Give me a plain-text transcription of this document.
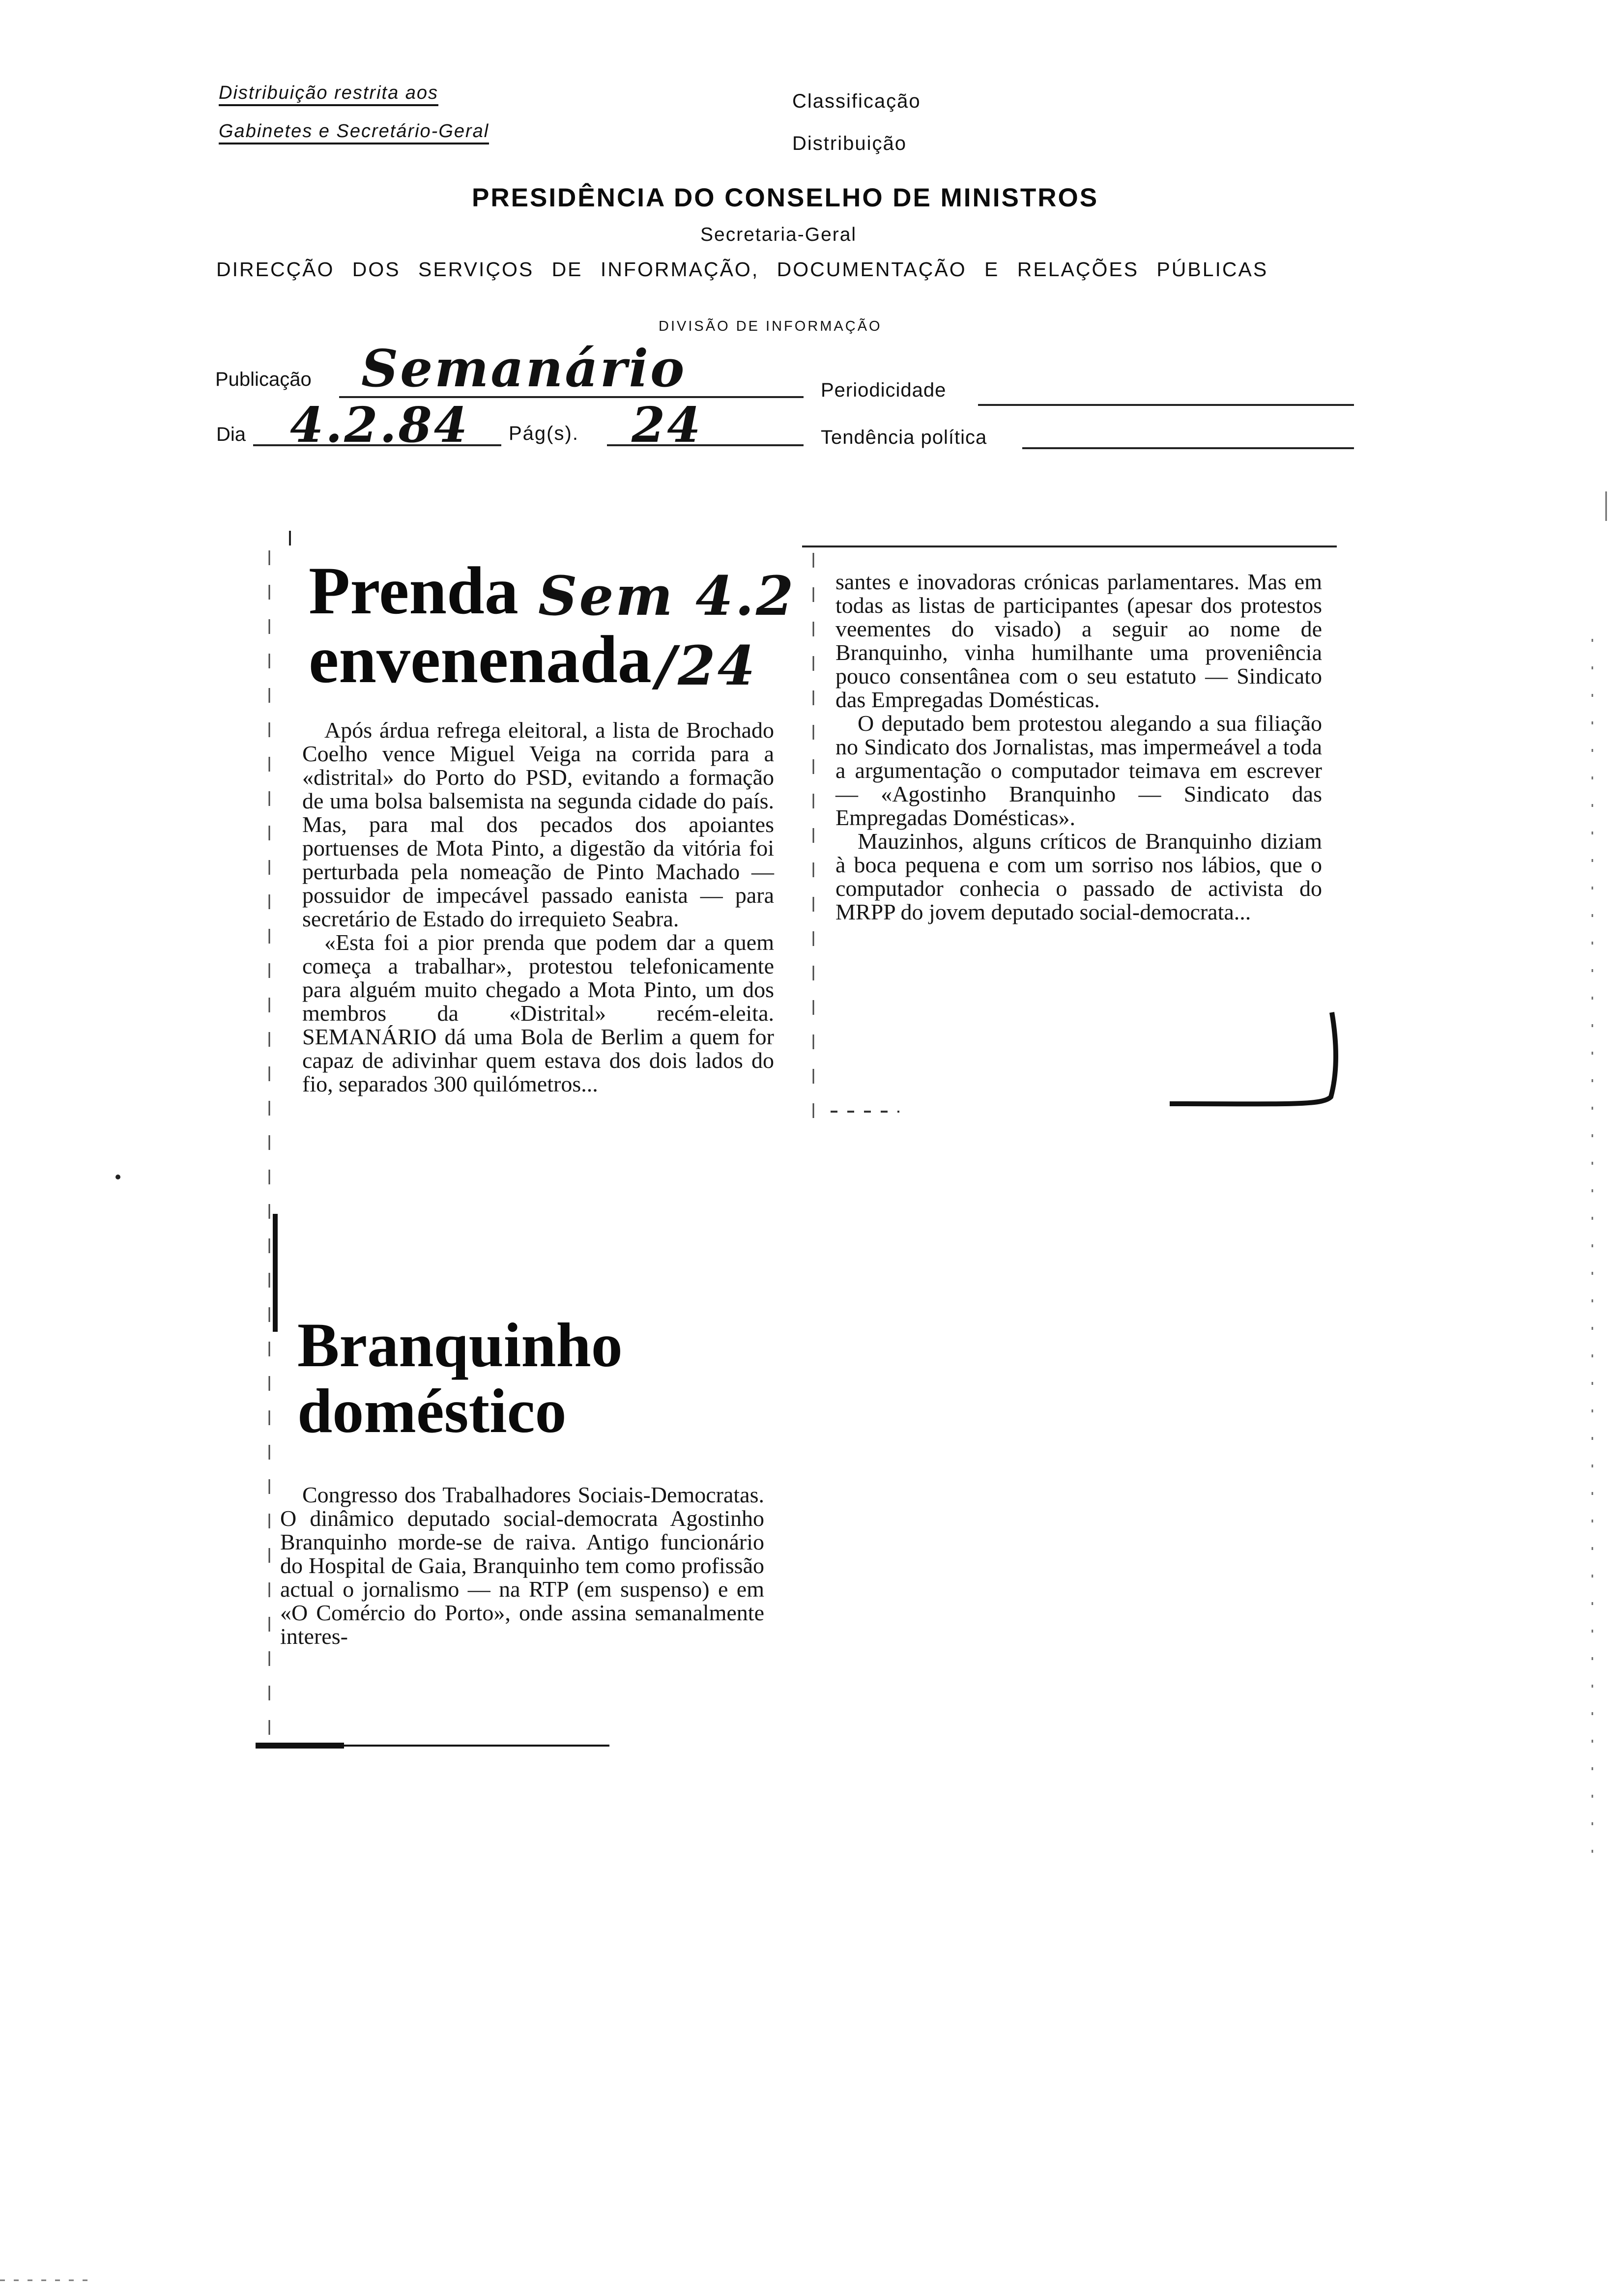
Distribuição restrita aos
Gabinetes e Secretário-Geral
Classificação
Distribuição
PRESIDÊNCIA DO CONSELHO DE MINISTROS
Secretaria-Geral
DIRECÇÃO DOS SERVIÇOS DE INFORMAÇÃO, DOCUMENTAÇÃO E RELAÇÕES PÚBLICAS
DIVISÃO DE INFORMAÇÃO
Publicação Semanário	Periodicidade
Dia 4.2.84 Pág(s). 24	Tendência política
Prenda
envenenada
Sem 4.2
/24

Após árdua refrega eleitoral, a lista de Brochado Coelho vence Miguel Veiga na corrida para a «distrital» do Porto do PSD, evitando a formação de uma bolsa balsemista na segunda cidade do país. Mas, para mal dos pecados dos apoiantes portuenses de Mota Pinto, a digestão da vitória foi perturbada pela nomeação de Pinto Machado — possuidor de impecável passado eanista — para secretário de Estado do irrequieto Seabra.

«Esta foi a pior prenda que podem dar a quem começa a trabalhar», protestou telefonicamente para alguém muito chegado a Mota Pinto, um dos membros da «Distrital» recém-eleita. SEMANÁRIO dá uma Bola de Berlim a quem for capaz de adivinhar quem estava dos dois lados do fio, separados 300 quilómetros...

Branquinho
doméstico

Congresso dos Trabalhadores Sociais-Democratas. O dinâmico deputado social-democrata Agostinho Branquinho morde-se de raiva. Antigo funcionário do Hospital de Gaia, Branquinho tem como profissão actual o jornalismo — na RTP (em suspenso) e em «O Comércio do Porto», onde assina semanalmente interes-

santes e inovadoras crónicas parlamentares. Mas em todas as listas de participantes (apesar dos protestos veementes do visado) a seguir ao nome de Branquinho, vinha humilhante uma proveniência pouco consentânea com o seu estatuto — Sindicato das Empregadas Domésticas.

O deputado bem protestou alegando a sua filiação no Sindicato dos Jornalistas, mas impermeável a toda a argumentação o computador teimava em escrever — «Agostinho Branquinho — Sindicato das Empregadas Domésticas».

Mauzinhos, alguns críticos de Branquinho diziam à boca pequena e com um sorriso nos lábios, que o computador conhecia o passado de activista do MRPP do jovem deputado social-democrata...
